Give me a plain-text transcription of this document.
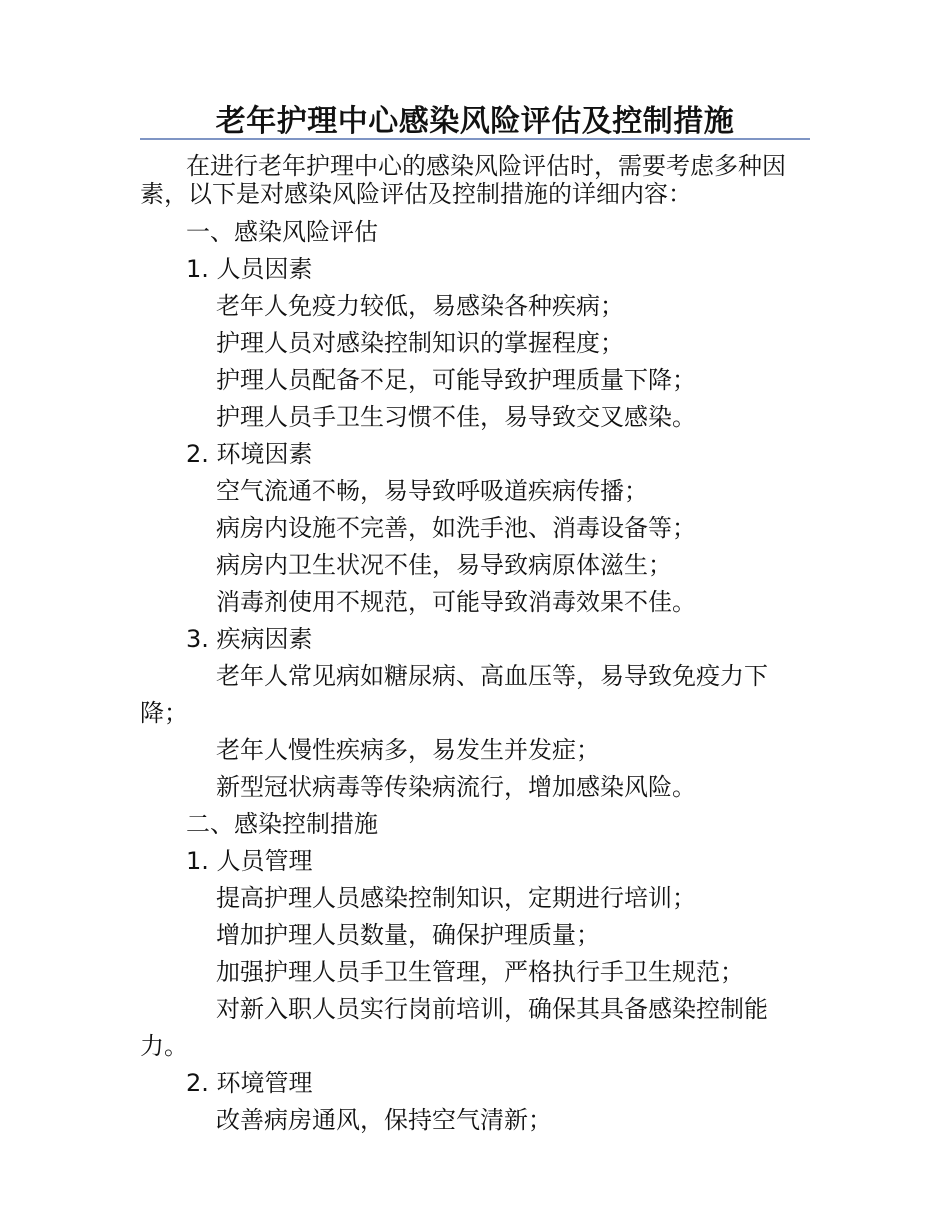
老年护理中心感染风险评估及控制措施

在进行老年护理中心的感染风险评估时，需要考虑多种因素，以下是对感染风险评估及控制措施的详细内容：

一、感染风险评估

1. 人员因素

老年人免疫力较低，易感染各种疾病；

护理人员对感染控制知识的掌握程度；

护理人员配备不足，可能导致护理质量下降；

护理人员手卫生习惯不佳，易导致交叉感染。

2. 环境因素

空气流通不畅，易导致呼吸道疾病传播；

病房内设施不完善，如洗手池、消毒设备等；

病房内卫生状况不佳，易导致病原体滋生；

消毒剂使用不规范，可能导致消毒效果不佳。

3. 疾病因素

老年人常见病如糖尿病、高血压等，易导致免疫力下降；

老年人慢性疾病多，易发生并发症；

新型冠状病毒等传染病流行，增加感染风险。

二、感染控制措施

1. 人员管理

提高护理人员感染控制知识，定期进行培训；

增加护理人员数量，确保护理质量；

加强护理人员手卫生管理，严格执行手卫生规范；

对新入职人员实行岗前培训，确保其具备感染控制能力。

2. 环境管理

改善病房通风，保持空气清新；
